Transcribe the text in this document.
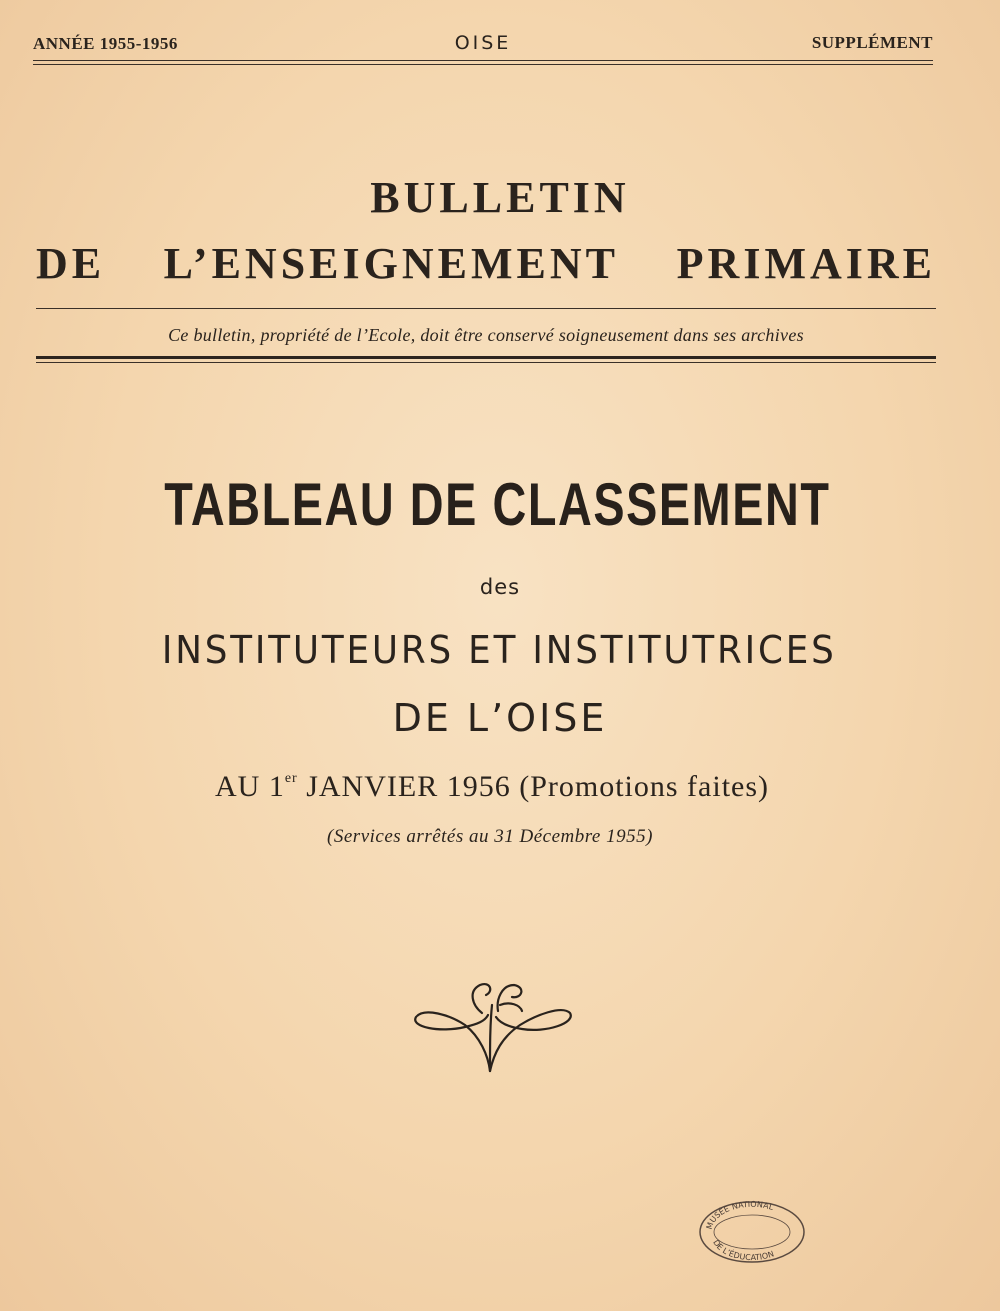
ANNÉE 1955-1956	OISE	SUPPLÉMENT
BULLETIN
DE L’ENSEIGNEMENT PRIMAIRE
Ce bulletin, propriété de l’Ecole, doit être conservé soigneusement dans ses archives
TABLEAU DE CLASSEMENT
des
INSTITUTEURS ET INSTITUTRICES
DE L’OISE
AU 1er JANVIER 1956 (Promotions faites)
(Services arrêtés au 31 Décembre 1955)
MUSÉE NATIONAL
DE L’ÉDUCATION
